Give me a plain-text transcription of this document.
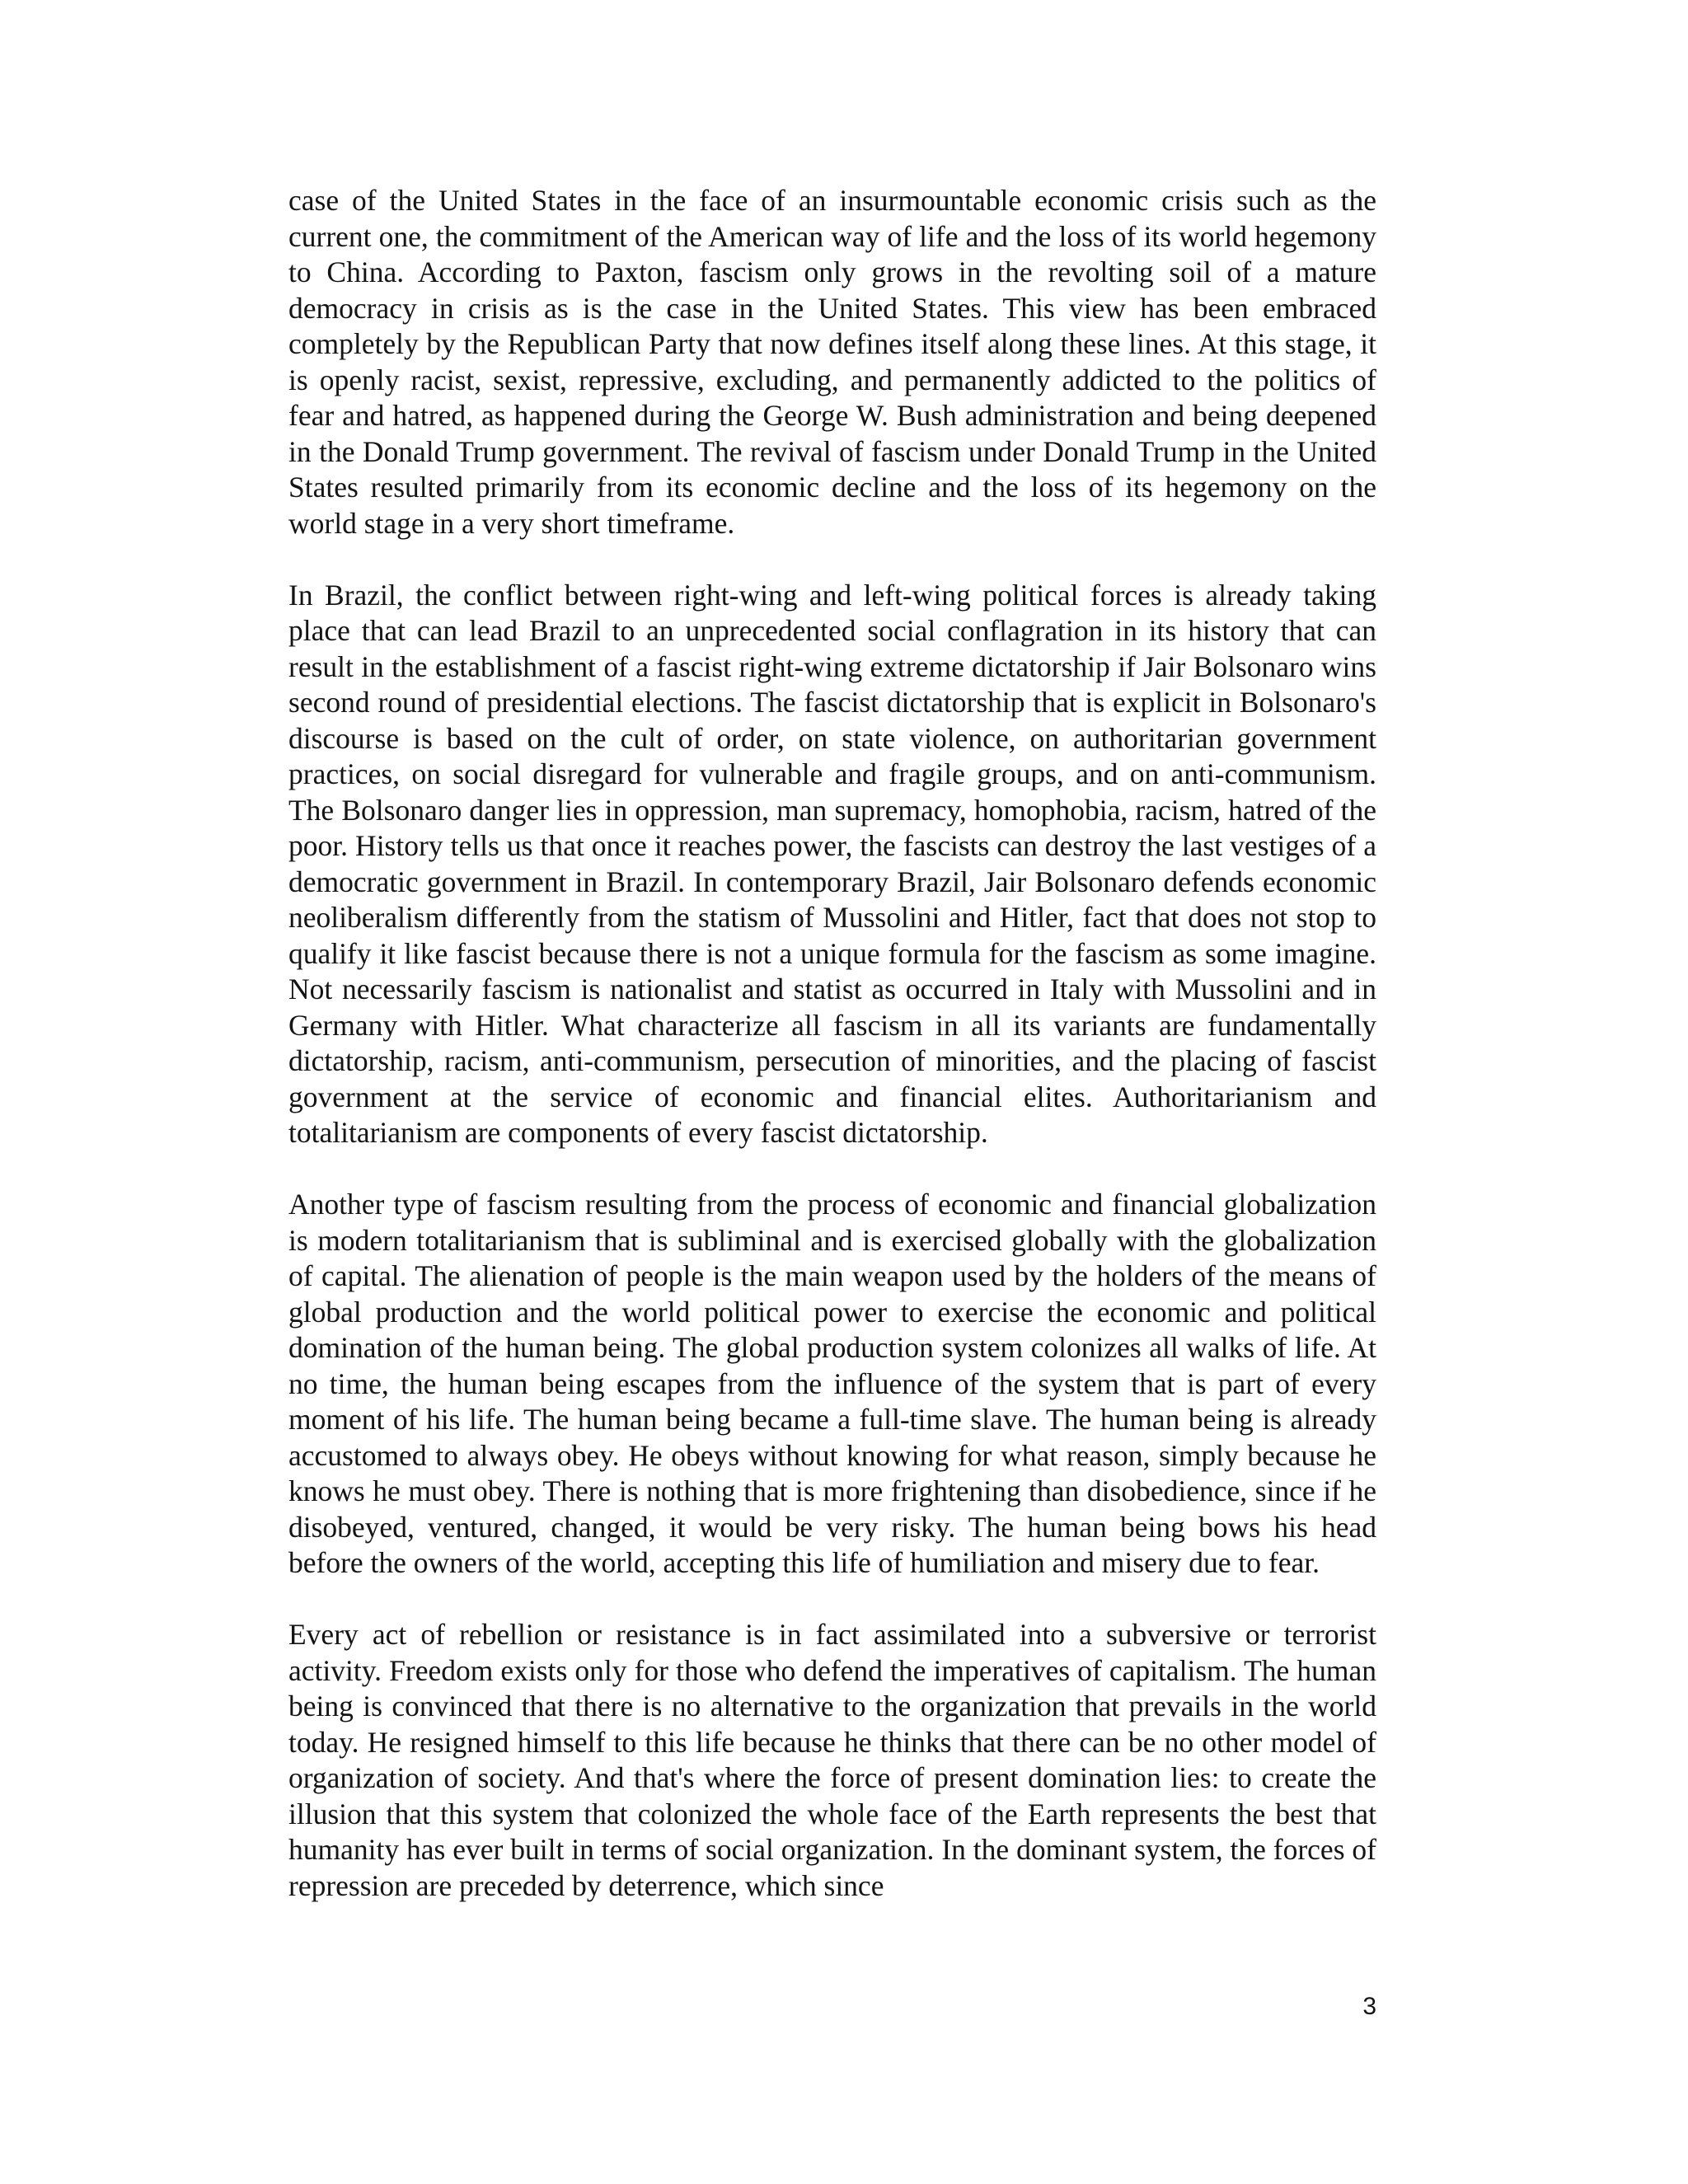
case of the United States in the face of an insurmountable economic crisis such as the current one, the commitment of the American way of life and the loss of its world hegemony to China. According to Paxton, fascism only grows in the revolting soil of a mature democracy in crisis as is the case in the United States. This view has been embraced completely by the Republican Party that now defines itself along these lines. At this stage, it is openly racist, sexist, repressive, excluding, and permanently addicted to the politics of fear and hatred, as happened during the George W. Bush administration and being deepened in the Donald Trump government. The revival of fascism under Donald Trump in the United States resulted primarily from its economic decline and the loss of its hegemony on the world stage in a very short timeframe.

In Brazil, the conflict between right-wing and left-wing political forces is already taking place that can lead Brazil to an unprecedented social conflagration in its history that can result in the establishment of a fascist right-wing extreme dictatorship if Jair Bolsonaro wins second round of presidential elections. The fascist dictatorship that is explicit in Bolsonaro's discourse is based on the cult of order, on state violence, on authoritarian government practices, on social disregard for vulnerable and fragile groups, and on anti-communism. The Bolsonaro danger lies in oppression, man supremacy, homophobia, racism, hatred of the poor. History tells us that once it reaches power, the fascists can destroy the last vestiges of a democratic government in Brazil. In contemporary Brazil, Jair Bolsonaro defends economic neoliberalism differently from the statism of Mussolini and Hitler, fact that does not stop to qualify it like fascist because there is not a unique formula for the fascism as some imagine. Not necessarily fascism is nationalist and statist as occurred in Italy with Mussolini and in Germany with Hitler. What characterize all fascism in all its variants are fundamentally dictatorship, racism, anti-communism, persecution of minorities, and the placing of fascist government at the service of economic and financial elites. Authoritarianism and totalitarianism are components of every fascist dictatorship.

Another type of fascism resulting from the process of economic and financial globalization is modern totalitarianism that is subliminal and is exercised globally with the globalization of capital. The alienation of people is the main weapon used by the holders of the means of global production and the world political power to exercise the economic and political domination of the human being. The global production system colonizes all walks of life. At no time, the human being escapes from the influence of the system that is part of every moment of his life. The human being became a full-time slave. The human being is already accustomed to always obey. He obeys without knowing for what reason, simply because he knows he must obey. There is nothing that is more frightening than disobedience, since if he disobeyed, ventured, changed, it would be very risky. The human being bows his head before the owners of the world, accepting this life of humiliation and misery due to fear.

Every act of rebellion or resistance is in fact assimilated into a subversive or terrorist activity. Freedom exists only for those who defend the imperatives of capitalism. The human being is convinced that there is no alternative to the organization that prevails in the world today. He resigned himself to this life because he thinks that there can be no other model of organization of society. And that's where the force of present domination lies: to create the illusion that this system that colonized the whole face of the Earth represents the best that humanity has ever built in terms of social organization. In the dominant system, the forces of repression are preceded by deterrence, which since

3
